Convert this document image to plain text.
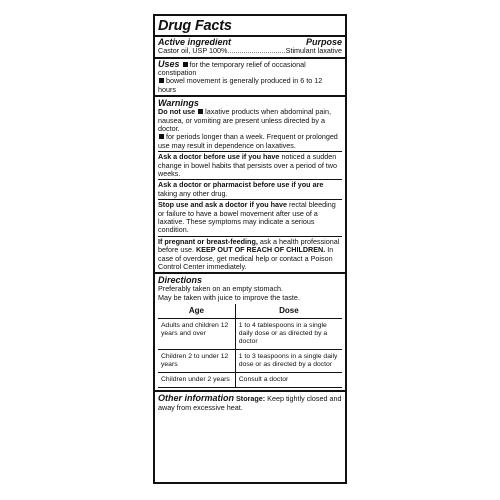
Drug Facts
Active ingredient	Purpose
Castor oil, USP 100% .....	Stimulant laxative
Uses for the temporary relief of occasional constipation
bowel movement is generally produced in 6 to 12 hours
Warnings
Do not use laxative products when abdominal pain, nausea, or vomiting are present unless directed by a doctor.
for periods longer than a week. Frequent or prolonged use may result in dependence on laxatives.
Ask a doctor before use if you have noticed a sudden change in bowel habits that persists over a period of two weeks.
Ask a doctor or pharmacist before use if you are taking any other drug.
Stop use and ask a doctor if you have rectal bleeding or failure to have a bowel movement after use of a laxative. These symptoms may indicate a serious condition.
If pregnant or breast-feeding, ask a health professional before use. KEEP OUT OF REACH OF CHILDREN. In case of overdose, get medical help or contact a Poison Control Center immediately.
Directions
Preferably taken on an empty stomach.
May be taken with juice to improve the taste.
Age	Dose
Adults and children 12 years and over	1 to 4 tablespoons in a single daily dose or as directed by a doctor
Children 2 to under 12 years	1 to 3 teaspoons in a single daily dose or as directed by a doctor
Children under 2 years	Consult a doctor
Other information Storage: Keep tightly closed and away from excessive heat.
